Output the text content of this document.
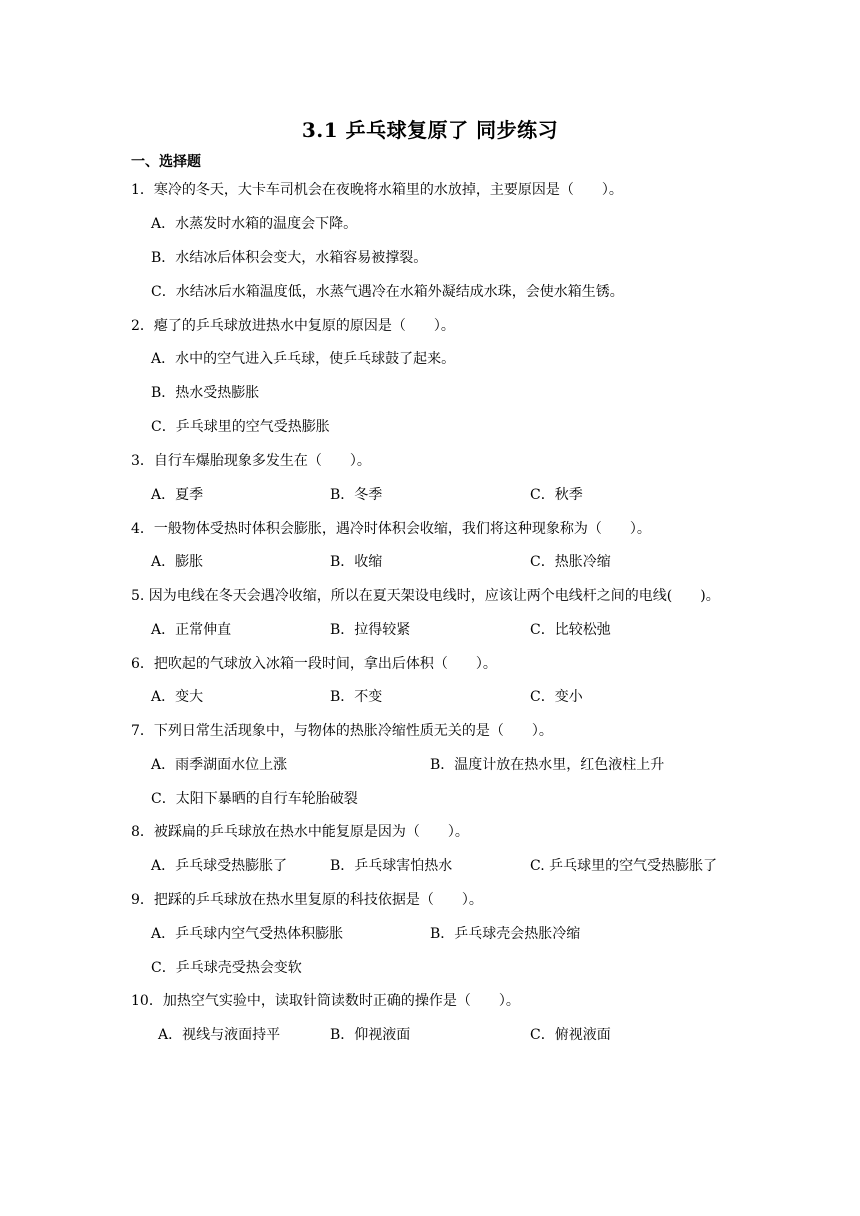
3.1 乒乓球复原了 同步练习
一、选择题
1．寒冷的冬天，大卡车司机会在夜晚将水箱里的水放掉，主要原因是（　　）。
A．水蒸发时水箱的温度会下降。
B．水结冰后体积会变大，水箱容易被撑裂。
C．水结冰后水箱温度低，水蒸气遇冷在水箱外凝结成水珠，会使水箱生锈。
2．瘪了的乒乓球放进热水中复原的原因是（　　）。
A．水中的空气进入乒乓球，使乒乓球鼓了起来。
B．热水受热膨胀
C．乒乓球里的空气受热膨胀
3．自行车爆胎现象多发生在（　　）。
A．夏季	B．冬季	C．秋季
4．一般物体受热时体积会膨胀，遇冷时体积会收缩，我们将这种现象称为（　　）。
A．膨胀	B．收缩	C．热胀冷缩
5. 因为电线在冬天会遇冷收缩，所以在夏天架设电线时，应该让两个电线杆之间的电线(　　)。
A．正常伸直	B．拉得较紧	C．比较松弛
6．把吹起的气球放入冰箱一段时间，拿出后体积（　　）。
A．变大	B．不变	C．变小
7．下列日常生活现象中，与物体的热胀冷缩性质无关的是（　　）。
A．雨季湖面水位上涨	B．温度计放在热水里，红色液柱上升
C．太阳下暴晒的自行车轮胎破裂
8．被踩扁的乒乓球放在热水中能复原是因为（　　）。
A．乒乓球受热膨胀了	B．乒乓球害怕热水	C. 乒乓球里的空气受热膨胀了
9．把踩的乒乓球放在热水里复原的科技依据是（　　）。
A．乒乓球内空气受热体积膨胀	B．乒乓球壳会热胀冷缩
C．乒乓球壳受热会变软
10．加热空气实验中，读取针筒读数时正确的操作是（　　）。
A．视线与液面持平	B．仰视液面	C．俯视液面
